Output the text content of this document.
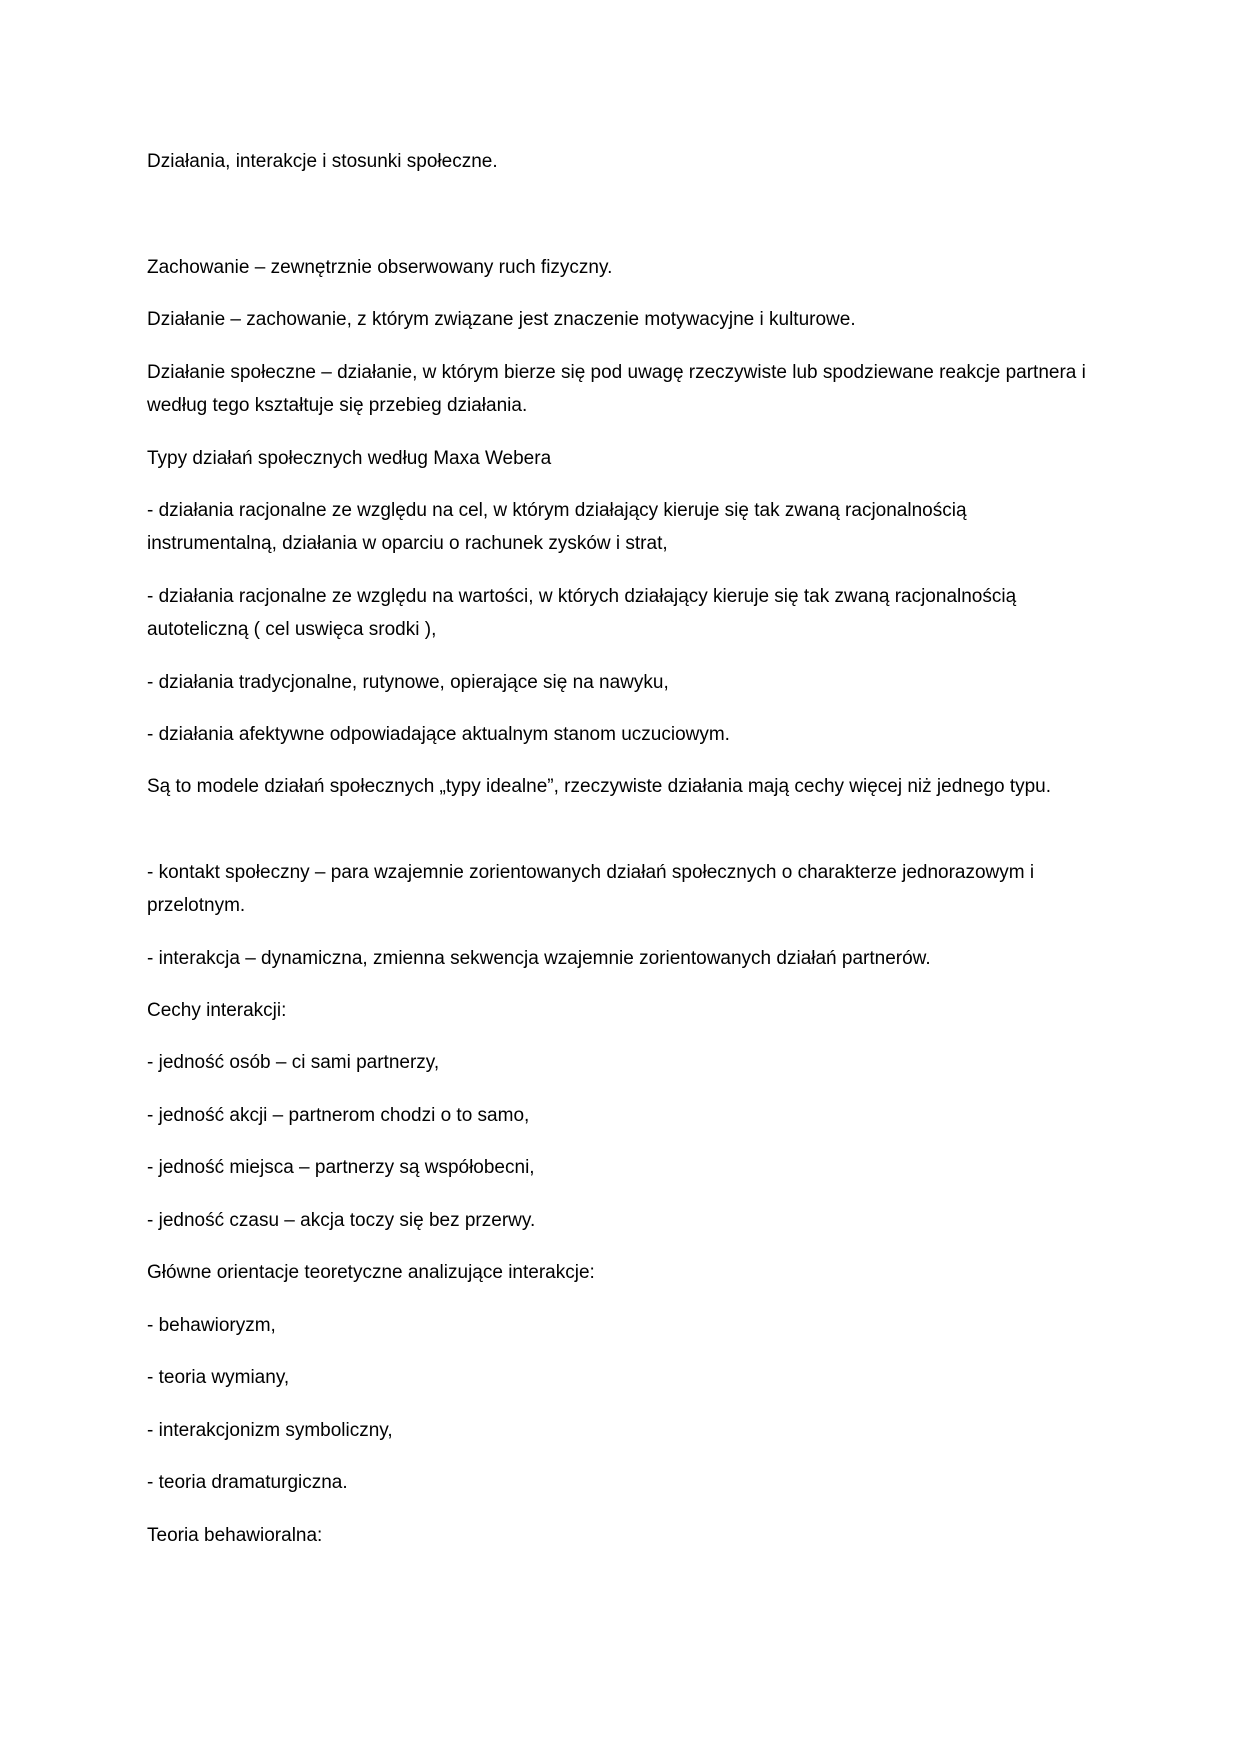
Działania, interakcje i stosunki społeczne.

Zachowanie – zewnętrznie obserwowany ruch fizyczny.

Działanie – zachowanie, z którym związane jest znaczenie motywacyjne i kulturowe.

Działanie społeczne – działanie, w którym bierze się pod uwagę rzeczywiste lub spodziewane reakcje partnera i według tego kształtuje się przebieg działania.

Typy działań społecznych według Maxa Webera

- działania racjonalne ze względu na cel, w którym działający kieruje się tak zwaną racjonalnością instrumentalną, działania w oparciu o rachunek zysków i strat,

- działania racjonalne ze względu na wartości, w których działający kieruje się tak zwaną racjonalnością autoteliczną ( cel uswięca srodki ),

- działania tradycjonalne, rutynowe, opierające się na nawyku,

- działania afektywne odpowiadające aktualnym stanom uczuciowym.

Są to modele działań społecznych „typy idealne”, rzeczywiste działania mają cechy więcej niż jednego typu.

- kontakt społeczny – para wzajemnie zorientowanych działań społecznych o charakterze jednorazowym i przelotnym.

- interakcja – dynamiczna, zmienna sekwencja wzajemnie zorientowanych działań partnerów.

Cechy interakcji:

- jedność osób – ci sami partnerzy,

- jedność akcji – partnerom chodzi o to samo,

- jedność miejsca – partnerzy są współobecni,

- jedność czasu – akcja toczy się bez przerwy.

Główne orientacje teoretyczne analizujące interakcje:

- behawioryzm,

- teoria wymiany,

- interakcjonizm symboliczny,

- teoria dramaturgiczna.

Teoria behawioralna:
